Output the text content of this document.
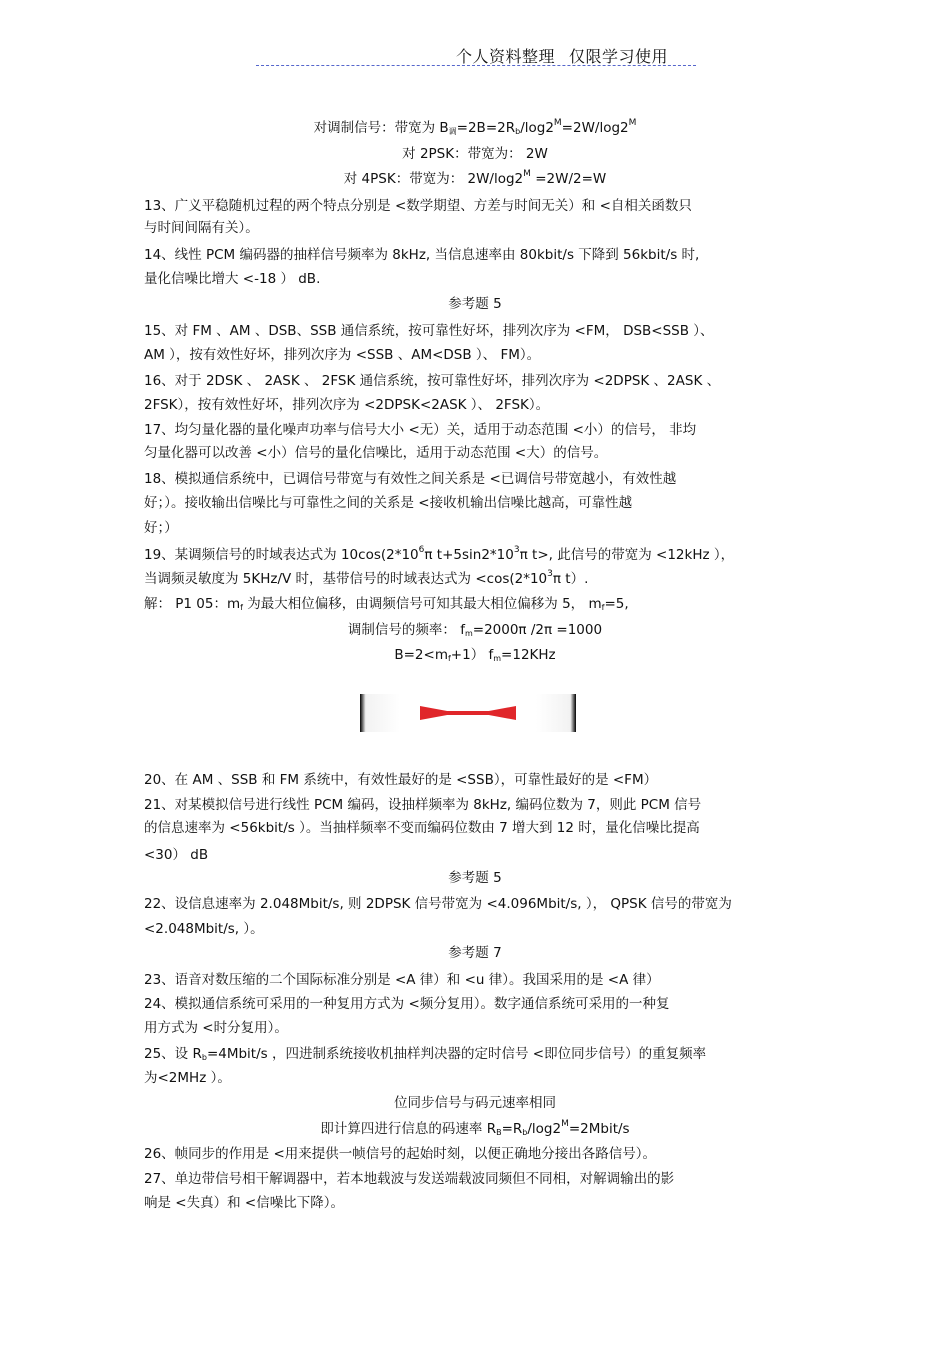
个人资料整理 仅限学习使用
对调制信号：带宽为 $B_调=2B=2R_b/\log 2^M=2W/\log 2^M$
对 2PSK：带宽为： 2W
对 4PSK：带宽为： $2W/\log 2^M =2W/2=W$
13、广义平稳随机过程的两个特点分别是 <数学期望、方差与时间无关）和 <自相关函数只
与时间间隔有关）。
14、线性 PCM 编码器的抽样信号频率为 8kHz, 当信息速率由 80kbit/s 下降到 56kbit/s 时,
量化信噪比增大 <-18 ） dB.
参考题 5
15、对 FM 、AM 、DSB、SSB 通信系统，按可靠性好坏，排列次序为 <FM， DSB<SSB ）、
AM ），按有效性好坏，排列次序为 <SSB 、AM<DSB ）、 FM）。
16、对于 2DSK 、 2ASK 、 2FSK 通信系统，按可靠性好坏，排列次序为 <2DPSK 、2ASK 、
2FSK），按有效性好坏，排列次序为 <2DPSK<2ASK ）、 2FSK）。
17、均匀量化器的量化噪声功率与信号大小 <无）关，适用于动态范围 <小）的信号， 非均
匀量化器可以改善 <小）信号的量化信噪比，适用于动态范围 <大）的信号。
18、模拟通信系统中，已调信号带宽与有效性之间关系是 <已调信号带宽越小，有效性越
好；）。接收输出信噪比与可靠性之间的关系是 <接收机输出信噪比越高，可靠性越
好；）
19、某调频信号的时域表达式为 $10\cos(2*10^6\pi$ $t+5\sin 2*10^3\pi$ t>, 此信号的带宽为 <12kHz ），
当调频灵敏度为 5KHz/V 时，基带信号的时域表达式为 $<\cos(2*10^3\pi$ t）.
解： P1 05：$m_f$ 为最大相位偏移，由调频信号可知其最大相位偏移为 5， $m_f=5$,
调制信号的频率： $f_m=2000\pi$ /2π =1000
$B=2<m_f+1$） $f_m=12KHz$
20、在 AM 、SSB 和 FM 系统中，有效性最好的是 <SSB），可靠性最好的是 <FM）
21、对某模拟信号进行线性 PCM 编码，设抽样频率为 8kHz, 编码位数为 7，则此 PCM 信号
的信息速率为 <56kbit/s ）。当抽样频率不变而编码位数由 7 增大到 12 时，量化信噪比提高
<30） dB
参考题 5
22、设信息速率为 2.048Mbit/s, 则 2DPSK 信号带宽为 <4.096Mbit/s, ）， QPSK 信号的带宽为
<2.048Mbit/s, ）。
参考题 7
23、语音对数压缩的二个国际标准分别是 <A 律）和 <u 律）。我国采用的是 <A 律）
24、模拟通信系统可采用的一种复用方式为 <频分复用）。数字通信系统可采用的一种复
用方式为 <时分复用）。
25、设 $R_b=4Mbit/s$ ，四进制系统接收机抽样判决器的定时信号 <即位同步信号）的重复频率
为<2MHz ）。
位同步信号与码元速率相同
即计算四进行信息的码速率 $R_B=R_b/\log 2^M=2Mbit/s$
26、帧同步的作用是 <用来提供一帧信号的起始时刻，以便正确地分接出各路信号）。
27、单边带信号相干解调器中，若本地载波与发送端载波同频但不同相，对解调输出的影
响是 <失真）和 <信噪比下降）。
